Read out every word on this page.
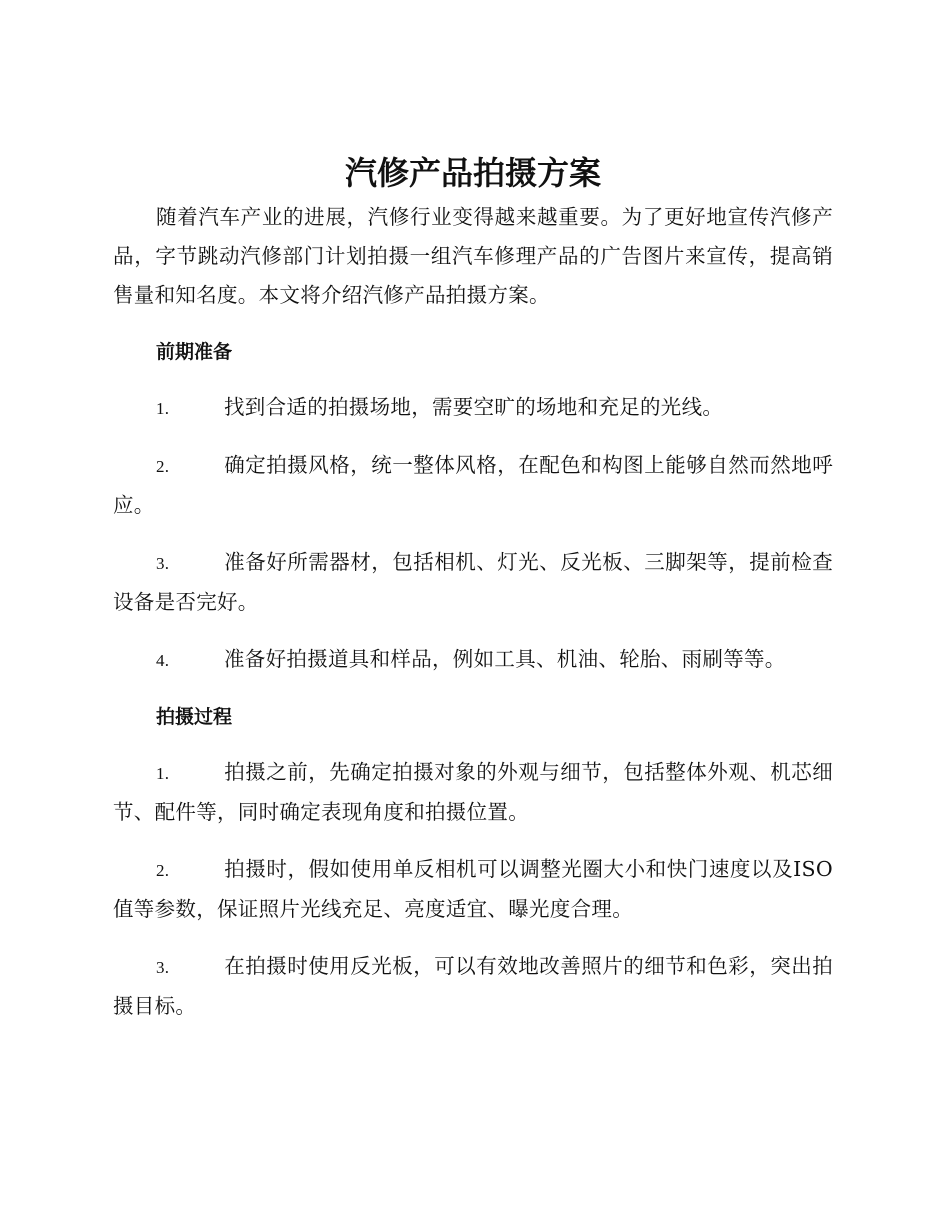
汽修产品拍摄方案

随着汽车产业的进展，汽修行业变得越来越重要。为了更好地宣传汽修产品，字节跳动汽修部门计划拍摄一组汽车修理产品的广告图片来宣传，提高销售量和知名度。本文将介绍汽修产品拍摄方案。

前期准备

1.	找到合适的拍摄场地，需要空旷的场地和充足的光线。

2.	确定拍摄风格，统一整体风格，在配色和构图上能够自然而然地呼应。

3.	准备好所需器材，包括相机、灯光、反光板、三脚架等，提前检查设备是否完好。

4.	准备好拍摄道具和样品，例如工具、机油、轮胎、雨刷等等。

拍摄过程

1.	拍摄之前，先确定拍摄对象的外观与细节，包括整体外观、机芯细节、配件等，同时确定表现角度和拍摄位置。

2.	拍摄时，假如使用单反相机可以调整光圈大小和快门速度以及ISO 值等参数，保证照片光线充足、亮度适宜、曝光度合理。

3.	在拍摄时使用反光板，可以有效地改善照片的细节和色彩，突出拍摄目标。
